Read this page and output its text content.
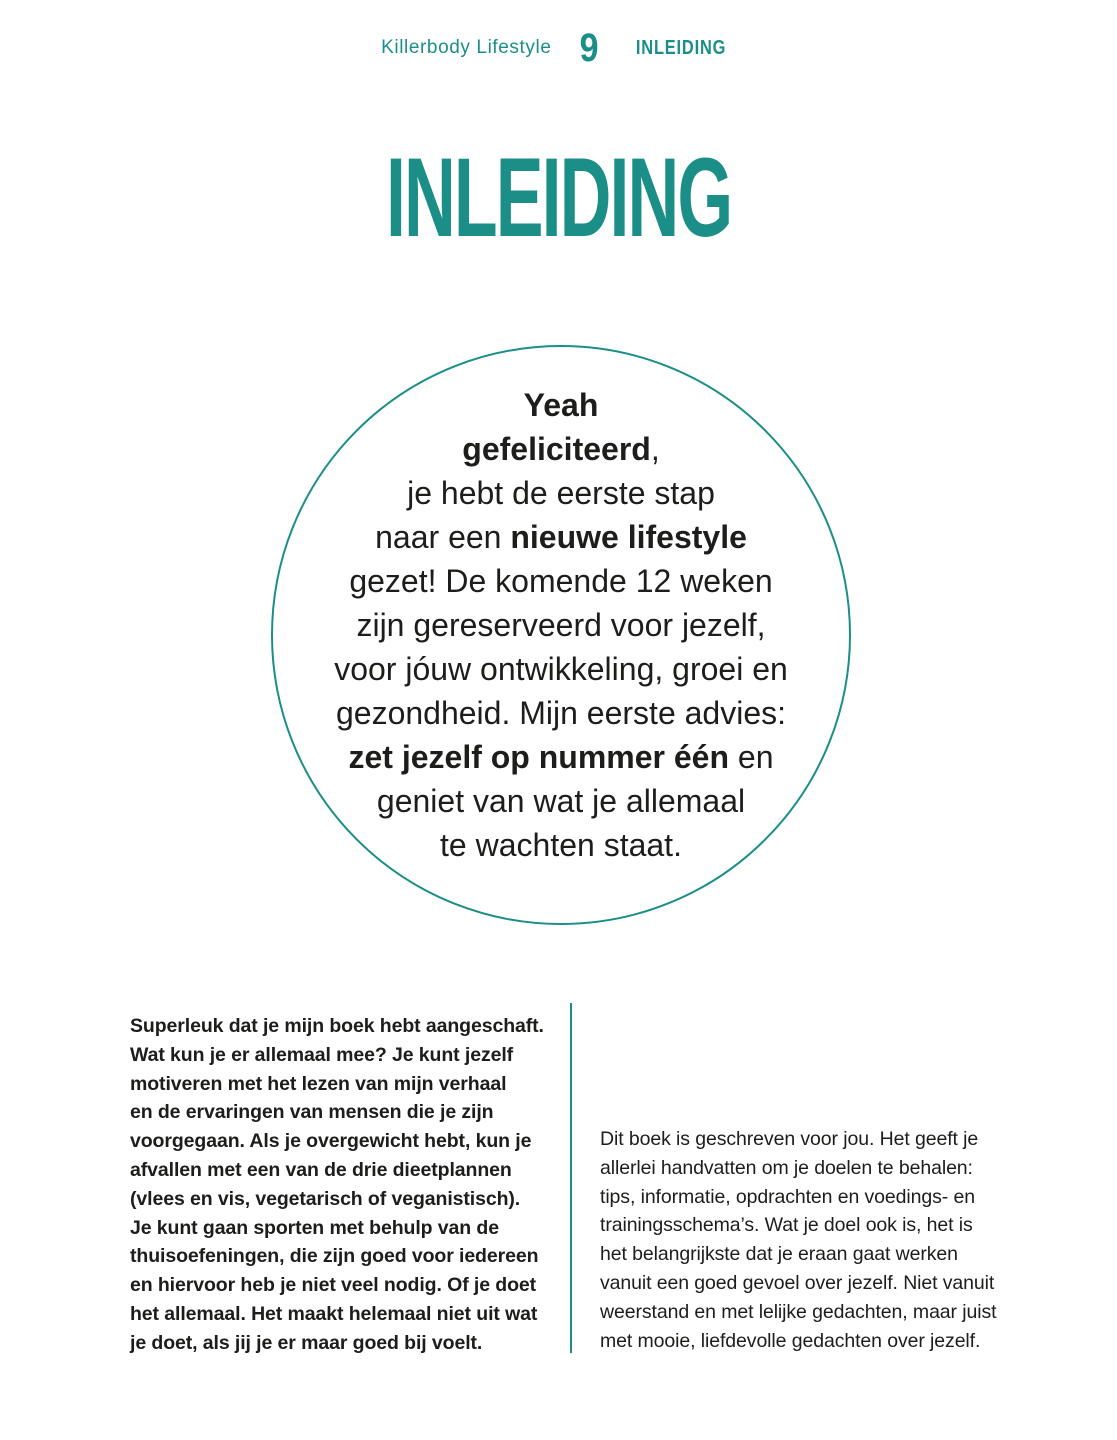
Killerbody Lifestyle 9 INLEIDING
INLEIDING
Yeah
gefeliciteerd,
je hebt de eerste stap
naar een nieuwe lifestyle
gezet! De komende 12 weken
zijn gereserveerd voor jezelf,
voor jóuw ontwikkeling, groei en
gezondheid. Mijn eerste advies:
zet jezelf op nummer één en
geniet van wat je allemaal
te wachten staat.
Superleuk dat je mijn boek hebt aangeschaft.
Wat kun je er allemaal mee? Je kunt jezelf
motiveren met het lezen van mijn verhaal
en de ervaringen van mensen die je zijn
voorgegaan. Als je overgewicht hebt, kun je
afvallen met een van de drie dieetplannen
(vlees en vis, vegetarisch of veganistisch).
Je kunt gaan sporten met behulp van de
thuisoefeningen, die zijn goed voor iedereen
en hiervoor heb je niet veel nodig. Of je doet
het allemaal. Het maakt helemaal niet uit wat
je doet, als jij je er maar goed bij voelt.
Dit boek is geschreven voor jou. Het geeft je
allerlei handvatten om je doelen te behalen:
tips, informatie, opdrachten en voedings- en
trainingsschema’s. Wat je doel ook is, het is
het belangrijkste dat je eraan gaat werken
vanuit een goed gevoel over jezelf. Niet vanuit
weerstand en met lelijke gedachten, maar juist
met mooie, liefdevolle gedachten over jezelf.
